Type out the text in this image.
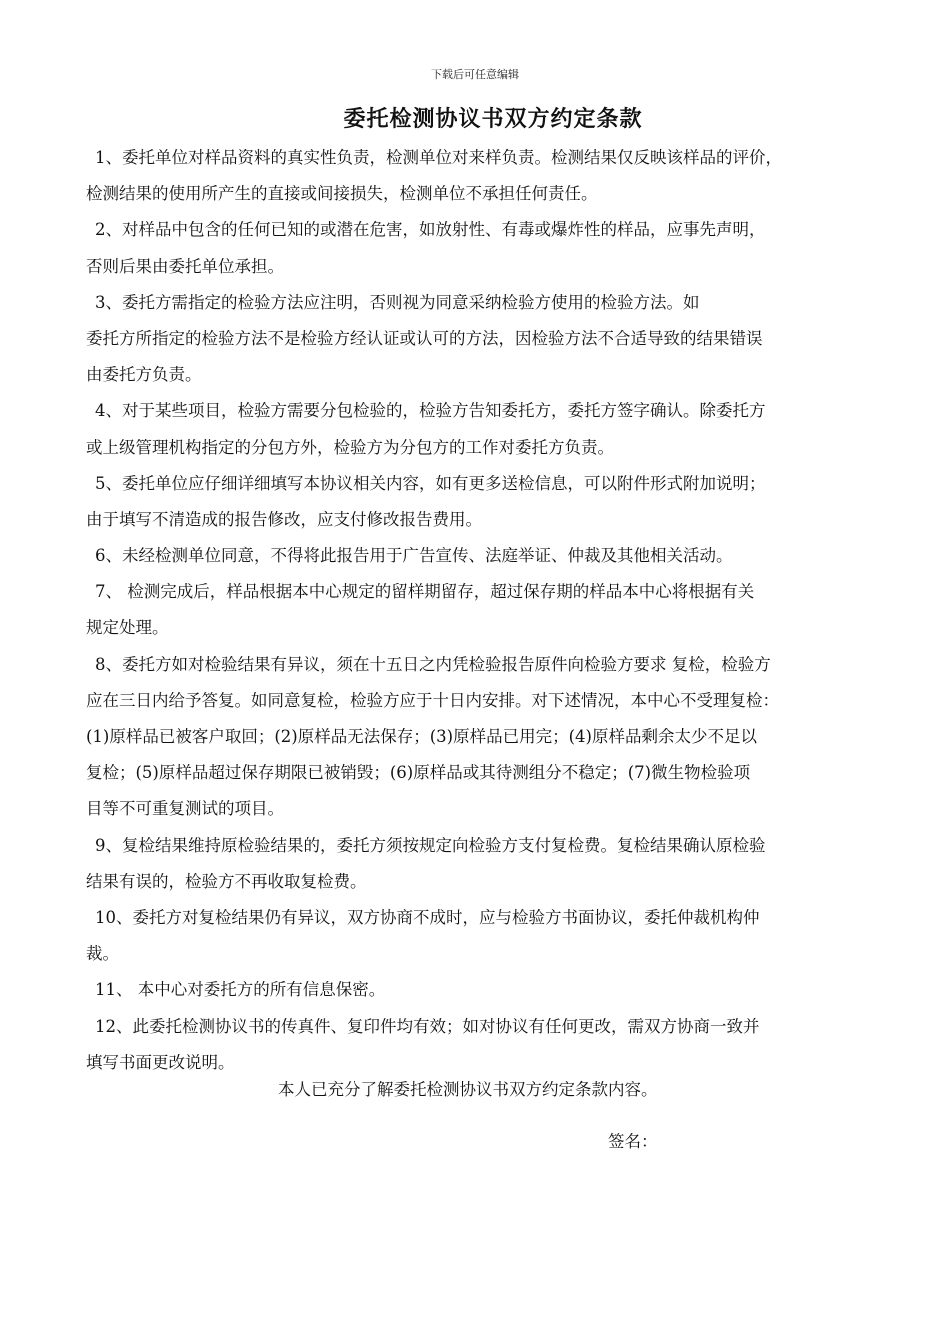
下载后可任意编辑
委托检测协议书双方约定条款
1、委托单位对样品资料的真实性负责，检测单位对来样负责。检测结果仅反映该样品的评价，
检测结果的使用所产生的直接或间接损失，检测单位不承担任何责任。
2、对样品中包含的任何已知的或潜在危害，如放射性、有毒或爆炸性的样品，应事先声明，
否则后果由委托单位承担。
3、委托方需指定的检验方法应注明，否则视为同意采纳检验方使用的检验方法。如
委托方所指定的检验方法不是检验方经认证或认可的方法，因检验方法不合适导致的结果错误
由委托方负责。
4、对于某些项目，检验方需要分包检验的，检验方告知委托方，委托方签字确认。除委托方
或上级管理机构指定的分包方外，检验方为分包方的工作对委托方负责。
5、委托单位应仔细详细填写本协议相关内容，如有更多送检信息，可以附件形式附加说明；
由于填写不清造成的报告修改，应支付修改报告费用。
6、未经检测单位同意，不得将此报告用于广告宣传、法庭举证、仲裁及其他相关活动。
7、 检测完成后，样品根据本中心规定的留样期留存，超过保存期的样品本中心将根据有关
规定处理。
8、委托方如对检验结果有异议，须在十五日之内凭检验报告原件向检验方要求 复检，检验方
应在三日内给予答复。如同意复检，检验方应于十日内安排。对下述情况，本中心不受理复检：
(1)原样品已被客户取回；(2)原样品无法保存；(3)原样品已用完；(4)原样品剩余太少不足以
复检；(5)原样品超过保存期限已被销毁；(6)原样品或其待测组分不稳定；(7)微生物检验项
目等不可重复测试的项目。
9、复检结果维持原检验结果的，委托方须按规定向检验方支付复检费。复检结果确认原检验
结果有误的，检验方不再收取复检费。
10、委托方对复检结果仍有异议，双方协商不成时，应与检验方书面协议，委托仲裁机构仲
裁。
11、 本中心对委托方的所有信息保密。
12、此委托检测协议书的传真件、复印件均有效；如对协议有任何更改，需双方协商一致并
填写书面更改说明。
本人已充分了解委托检测协议书双方约定条款内容。
签名：
